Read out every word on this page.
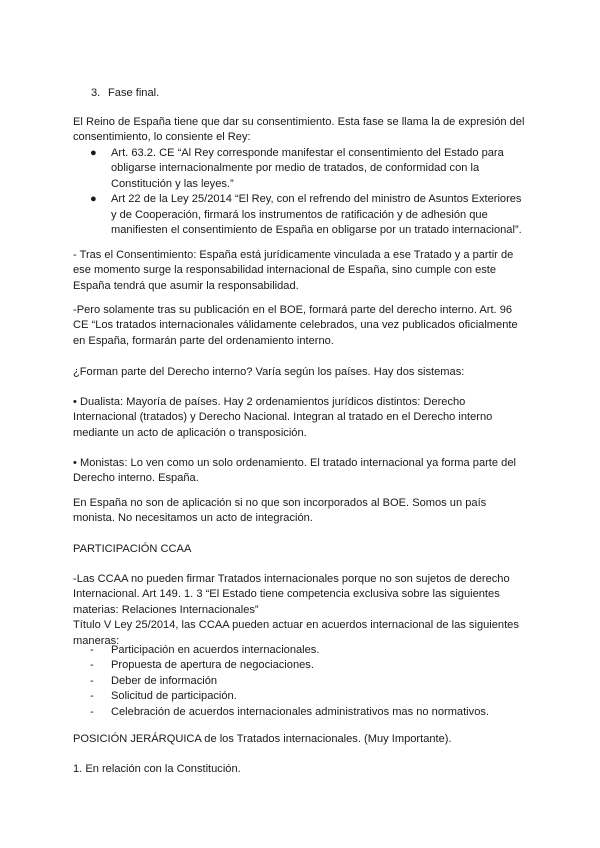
3. Fase final.

El Reino de España tiene que dar su consentimiento. Esta fase se llama la de expresión del
consentimiento, lo consiente el Rey:

● Art. 63.2. CE “Al Rey corresponde manifestar el consentimiento del Estado para
obligarse internacionalmente por medio de tratados, de conformidad con la
Constitución y las leyes.”
● Art 22 de la Ley 25/2014 “El Rey, con el refrendo del ministro de Asuntos Exteriores
y de Cooperación, firmará los instrumentos de ratificación y de adhesión que
manifiesten el consentimiento de España en obligarse por un tratado internacional”.

- Tras el Consentimiento: España está jurídicamente vinculada a ese Tratado y a partir de
ese momento surge la responsabilidad internacional de España, sino cumple con este
España tendrá que asumir la responsabilidad.

-Pero solamente tras su publicación en el BOE, formará parte del derecho interno. Art. 96
CE “Los tratados internacionales válidamente celebrados, una vez publicados oficialmente
en España, formarán parte del ordenamiento interno.

¿Forman parte del Derecho interno? Varía según los países. Hay dos sistemas:

• Dualista: Mayoría de países. Hay 2 ordenamientos jurídicos distintos: Derecho
Internacional (tratados) y Derecho Nacional. Integran al tratado en el Derecho interno
mediante un acto de aplicación o transposición.

• Monistas: Lo ven como un solo ordenamiento. El tratado internacional ya forma parte del
Derecho interno. España.

En España no son de aplicación si no que son incorporados al BOE. Somos un país
monista. No necesitamos un acto de integración.

PARTICIPACIÓN CCAA

-Las CCAA no pueden firmar Tratados internacionales porque no son sujetos de derecho
Internacional. Art 149. 1. 3 “El Estado tiene competencia exclusiva sobre las siguientes
materias: Relaciones Internacionales”
Título V Ley 25/2014, las CCAA pueden actuar en acuerdos internacional de las siguientes
maneras:

- Participación en acuerdos internacionales.
- Propuesta de apertura de negociaciones.
- Deber de información
- Solicitud de participación.
- Celebración de acuerdos internacionales administrativos mas no normativos.

POSICIÓN JERÁRQUICA de los Tratados internacionales. (Muy Importante).

1. En relación con la Constitución.
